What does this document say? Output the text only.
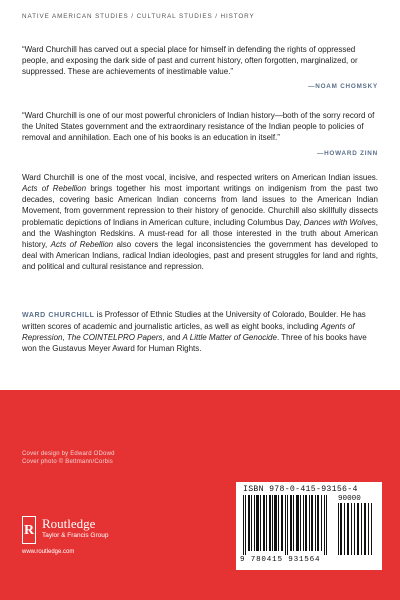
NATIVE AMERICAN STUDIES / CULTURAL STUDIES / HISTORY
“Ward Churchill has carved out a special place for himself in defending the rights of oppressed people, and exposing the dark side of past and current history, often forgotten, marginalized, or suppressed. These are achievements of inestimable value.”
—NOAM CHOMSKY
“Ward Churchill is one of our most powerful chroniclers of Indian history—both of the sorry record of the United States government and the extraordinary resistance of the Indian people to policies of removal and annihilation. Each one of his books is an education in itself.”
—HOWARD ZINN

Ward Churchill is one of the most vocal, incisive, and respected writers on American Indian issues. Acts of Rebellion brings together his most important writings on indigenism from the past two decades, covering basic American Indian concerns from land issues to the American Indian Movement, from government repression to their history of genocide. Churchill also skillfully dissects problematic depictions of Indians in American culture, including Columbus Day, Dances with Wolves, and the Washington Redskins. A must-read for all those interested in the truth about American history, Acts of Rebellion also covers the legal inconsistencies the government has developed to deal with American Indians, radical Indian ideologies, past and present struggles for land and rights, and political and cultural resistance and repression.

WARD CHURCHILL is Professor of Ethnic Studies at the University of Colorado, Boulder. He has written scores of academic and journalistic articles, as well as eight books, including Agents of Repression, The COINTELPRO Papers, and A Little Matter of Genocide. Three of his books have won the Gustavus Meyer Award for Human Rights.

Cover design by Edward ODowd
Cover photo © Bettmann/Corbis
R Routledge
Taylor & Francis Group
www.routledge.com
ISBN 978-0-415-93156-4
90000
9 780415 931564
